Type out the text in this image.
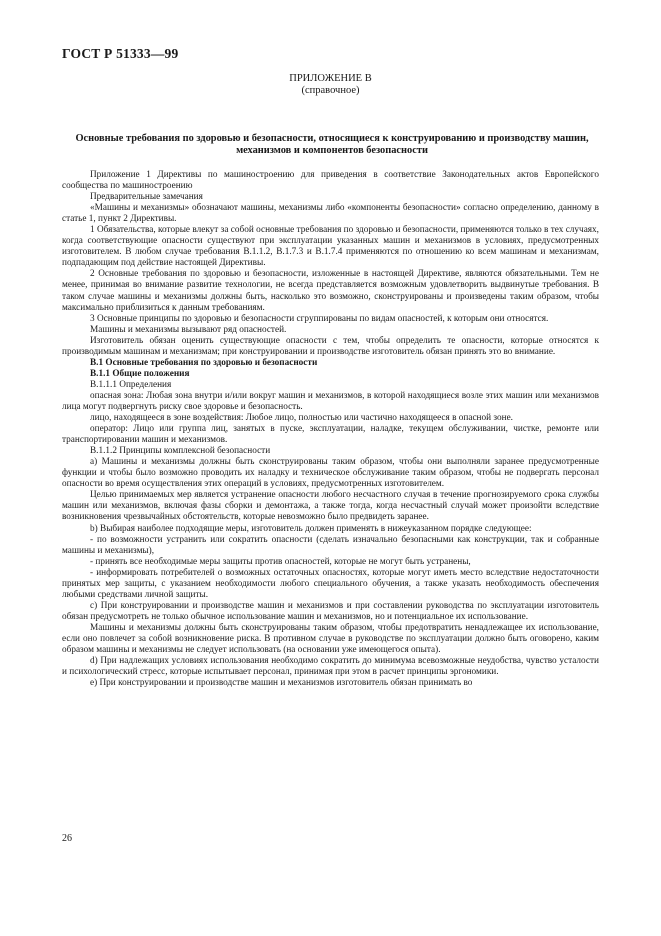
ГОСТ Р 51333—99
ПРИЛОЖЕНИЕ В
(справочное)
Основные требования по здоровью и безопасности, относящиеся к конструированию и производству машин, механизмов и компонентов безопасности

Приложение 1 Директивы по машиностроению для приведения в соответствие Законодательных актов Европейского сообщества по машиностроению

Предварительные замечания

«Машины и механизмы» обозначают машины, механизмы либо «компоненты безопасности» согласно определению, данному в статье 1, пункт 2 Директивы.

1 Обязательства, которые влекут за собой основные требования по здоровью и безопасности, применяются только в тех случаях, когда соответствующие опасности существуют при эксплуатации указанных машин и механизмов в условиях, предусмотренных изготовителем. В любом случае требования В.1.1.2, В.1.7.3 и В.1.7.4 применяются по отношению ко всем машинам и механизмам, подпадающим под действие настоящей Директивы.

2 Основные требования по здоровью и безопасности, изложенные в настоящей Директиве, являются обязательными. Тем не менее, принимая во внимание развитие технологии, не всегда представляется возможным удовлетворить выдвинутые требования. В таком случае машины и механизмы должны быть, насколько это возможно, сконструированы и произведены таким образом, чтобы максимально приблизиться к данным требованиям.

3 Основные принципы по здоровью и безопасности сгруппированы по видам опасностей, к которым они относятся.

Машины и механизмы вызывают ряд опасностей.

Изготовитель обязан оценить существующие опасности с тем, чтобы определить те опасности, которые относятся к производимым машинам и механизмам; при конструировании и производстве изготовитель обязан принять это во внимание.

В.1 Основные требования по здоровью и безопасности

В.1.1 Общие положения

В.1.1.1 Определения

опасная зона: Любая зона внутри и/или вокруг машин и механизмов, в которой находящиеся возле этих машин или механизмов лица могут подвергнуть риску свое здоровье и безопасность.

лицо, находящееся в зоне воздействия: Любое лицо, полностью или частично находящееся в опасной зоне.

оператор: Лицо или группа лиц, занятых в пуске, эксплуатации, наладке, текущем обслуживании, чистке, ремонте или транспортировании машин и механизмов.

В.1.1.2 Принципы комплексной безопасности

a) Машины и механизмы должны быть сконструированы таким образом, чтобы они выполняли заранее предусмотренные функции и чтобы было возможно проводить их наладку и техническое обслуживание таким образом, чтобы не подвергать персонал опасности во время осуществления этих операций в условиях, предусмотренных изготовителем.

Целью принимаемых мер является устранение опасности любого несчастного случая в течение прогнозируемого срока службы машин или механизмов, включая фазы сборки и демонтажа, а также тогда, когда несчастный случай может произойти вследствие возникновения чрезвычайных обстоятельств, которые невозможно было предвидеть заранее.

b) Выбирая наиболее подходящие меры, изготовитель должен применять в нижеуказанном порядке следующее:

- по возможности устранить или сократить опасности (сделать изначально безопасными как конструкции, так и собранные машины и механизмы),

- принять все необходимые меры защиты против опасностей, которые не могут быть устранены,

- информировать потребителей о возможных остаточных опасностях, которые могут иметь место вследствие недостаточности принятых мер защиты, с указанием необходимости любого специального обучения, а также указать необходимость обеспечения любыми средствами личной защиты.

c) При конструировании и производстве машин и механизмов и при составлении руководства по эксплуатации изготовитель обязан предусмотреть не только обычное использование машин и механизмов, но и потенциальное их использование.

Машины и механизмы должны быть сконструированы таким образом, чтобы предотвратить ненадлежащее их использование, если оно повлечет за собой возникновение риска. В противном случае в руководстве по эксплуатации должно быть оговорено, каким образом машины и механизмы не следует использовать (на основании уже имеющегося опыта).

d) При надлежащих условиях использования необходимо сократить до минимума всевозможные неудобства, чувство усталости и психологический стресс, которые испытывает персонал, принимая при этом в расчет принципы эргономики.

e) При конструировании и производстве машин и механизмов изготовитель обязан принимать во

26
